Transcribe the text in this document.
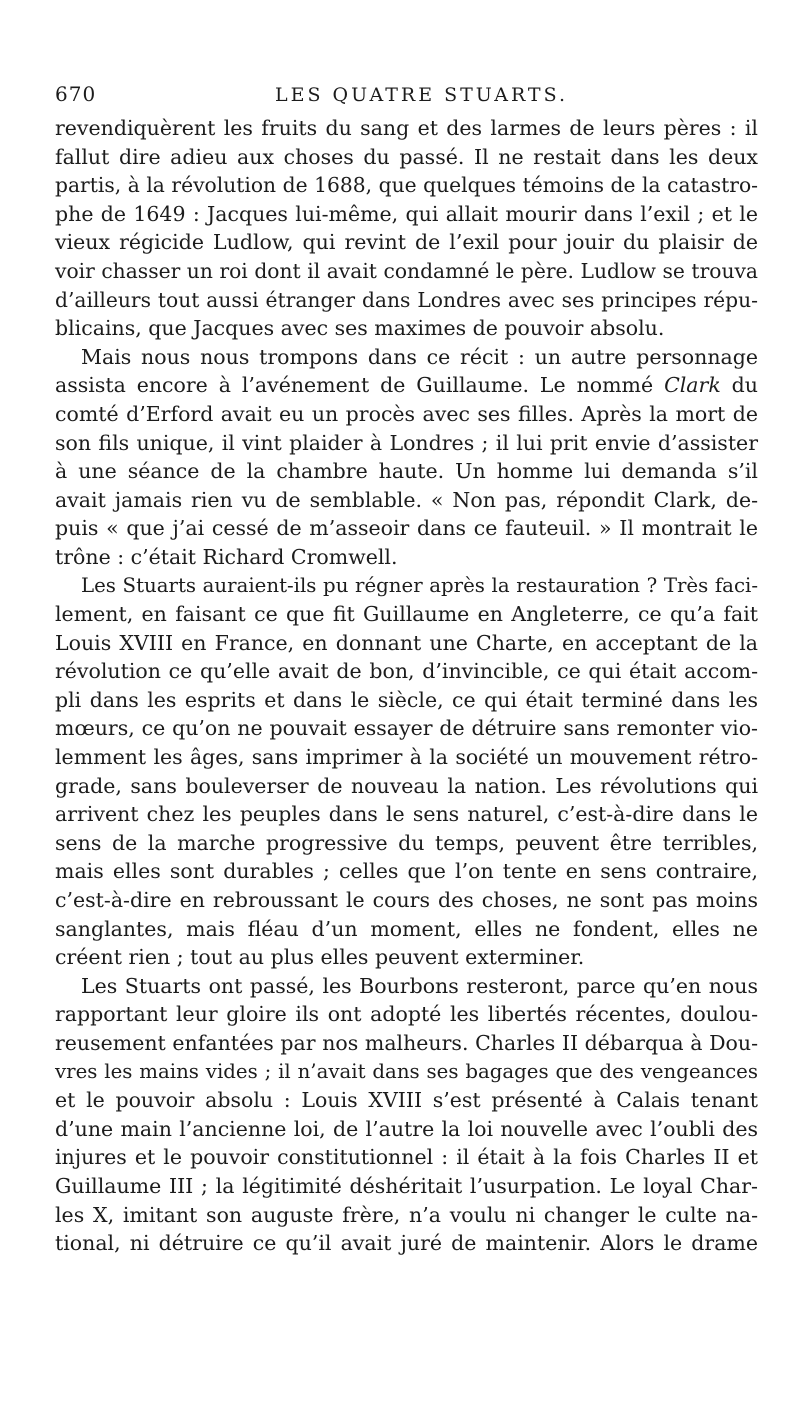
670	LES QUATRE STUARTS.
revendiquèrent les fruits du sang et des larmes de leurs pères : il
fallut dire adieu aux choses du passé. Il ne restait dans les deux
partis, à la révolution de 1688, que quelques témoins de la catastro-
phe de 1649 : Jacques lui-même, qui allait mourir dans l’exil ; et le
vieux régicide Ludlow, qui revint de l’exil pour jouir du plaisir de
voir chasser un roi dont il avait condamné le père. Ludlow se trouva
d’ailleurs tout aussi étranger dans Londres avec ses principes répu-
blicains, que Jacques avec ses maximes de pouvoir absolu.
Mais nous nous trompons dans ce récit : un autre personnage
assista encore à l’avénement de Guillaume. Le nommé Clark du
comté d’Erford avait eu un procès avec ses filles. Après la mort de
son fils unique, il vint plaider à Londres ; il lui prit envie d’assister
à une séance de la chambre haute. Un homme lui demanda s’il
avait jamais rien vu de semblable. « Non pas, répondit Clark, de-
puis « que j’ai cessé de m’asseoir dans ce fauteuil. » Il montrait le
trône : c’était Richard Cromwell.
Les Stuarts auraient-ils pu régner après la restauration ? Très faci-
lement, en faisant ce que fit Guillaume en Angleterre, ce qu’a fait
Louis XVIII en France, en donnant une Charte, en acceptant de la
révolution ce qu’elle avait de bon, d’invincible, ce qui était accom-
pli dans les esprits et dans le siècle, ce qui était terminé dans les
mœurs, ce qu’on ne pouvait essayer de détruire sans remonter vio-
lemment les âges, sans imprimer à la société un mouvement rétro-
grade, sans bouleverser de nouveau la nation. Les révolutions qui
arrivent chez les peuples dans le sens naturel, c’est-à-dire dans le
sens de la marche progressive du temps, peuvent être terribles,
mais elles sont durables ; celles que l’on tente en sens contraire,
c’est-à-dire en rebroussant le cours des choses, ne sont pas moins
sanglantes, mais fléau d’un moment, elles ne fondent, elles ne
créent rien ; tout au plus elles peuvent exterminer.
Les Stuarts ont passé, les Bourbons resteront, parce qu’en nous
rapportant leur gloire ils ont adopté les libertés récentes, doulou-
reusement enfantées par nos malheurs. Charles II débarqua à Dou-
vres les mains vides ; il n’avait dans ses bagages que des vengeances
et le pouvoir absolu : Louis XVIII s’est présenté à Calais tenant
d’une main l’ancienne loi, de l’autre la loi nouvelle avec l’oubli des
injures et le pouvoir constitutionnel : il était à la fois Charles II et
Guillaume III ; la légitimité déshéritait l’usurpation. Le loyal Char-
les X, imitant son auguste frère, n’a voulu ni changer le culte na-
tional, ni détruire ce qu’il avait juré de maintenir. Alors le drame
